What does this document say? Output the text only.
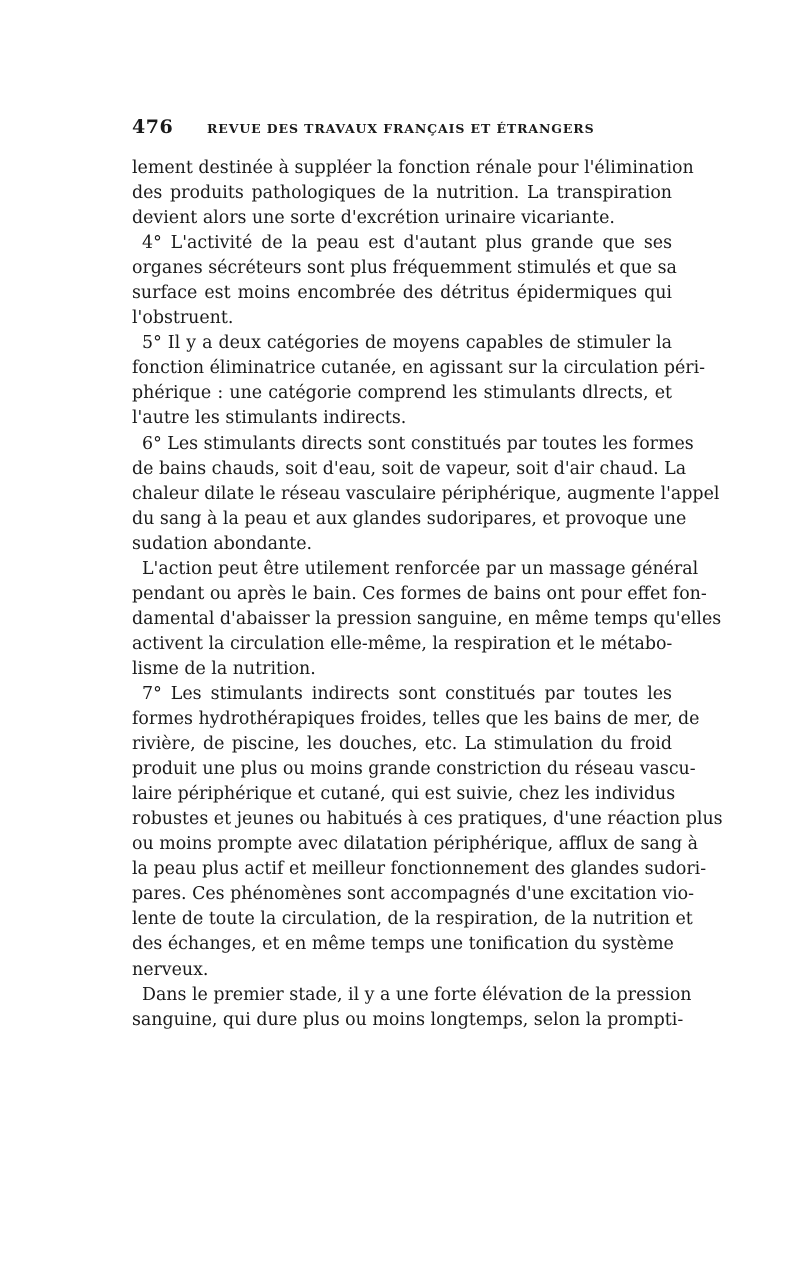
476	REVUE DES TRAVAUX FRANÇAIS ET ÉTRANGERS
lement destinée à suppléer la fonction rénale pour l'élimination
des produits pathologiques de la nutrition. La transpiration
devient alors une sorte d'excrétion urinaire vicariante.
4° L'activité de la peau est d'autant plus grande que ses
organes sécréteurs sont plus fréquemment stimulés et que sa
surface est moins encombrée des détritus épidermiques qui
l'obstruent.
5° Il y a deux catégories de moyens capables de stimuler la
fonction éliminatrice cutanée, en agissant sur la circulation péri-
phérique : une catégorie comprend les stimulants dlrects, et
l'autre les stimulants indirects.
6° Les stimulants directs sont constitués par toutes les formes
de bains chauds, soit d'eau, soit de vapeur, soit d'air chaud. La
chaleur dilate le réseau vasculaire périphérique, augmente l'appel
du sang à la peau et aux glandes sudoripares, et provoque une
sudation abondante.
L'action peut être utilement renforcée par un massage général
pendant ou après le bain. Ces formes de bains ont pour effet fon-
damental d'abaisser la pression sanguine, en même temps qu'elles
activent la circulation elle-même, la respiration et le métabo-
lisme de la nutrition.
7° Les stimulants indirects sont constitués par toutes les
formes hydrothérapiques froides, telles que les bains de mer, de
rivière, de piscine, les douches, etc. La stimulation du froid
produit une plus ou moins grande constriction du réseau vascu-
laire périphérique et cutané, qui est suivie, chez les individus
robustes et jeunes ou habitués à ces pratiques, d'une réaction plus
ou moins prompte avec dilatation périphérique, afflux de sang à
la peau plus actif et meilleur fonctionnement des glandes sudori-
pares. Ces phénomènes sont accompagnés d'une excitation vio-
lente de toute la circulation, de la respiration, de la nutrition et
des échanges, et en même temps une tonification du système
nerveux.
Dans le premier stade, il y a une forte élévation de la pression
sanguine, qui dure plus ou moins longtemps, selon la prompti-
